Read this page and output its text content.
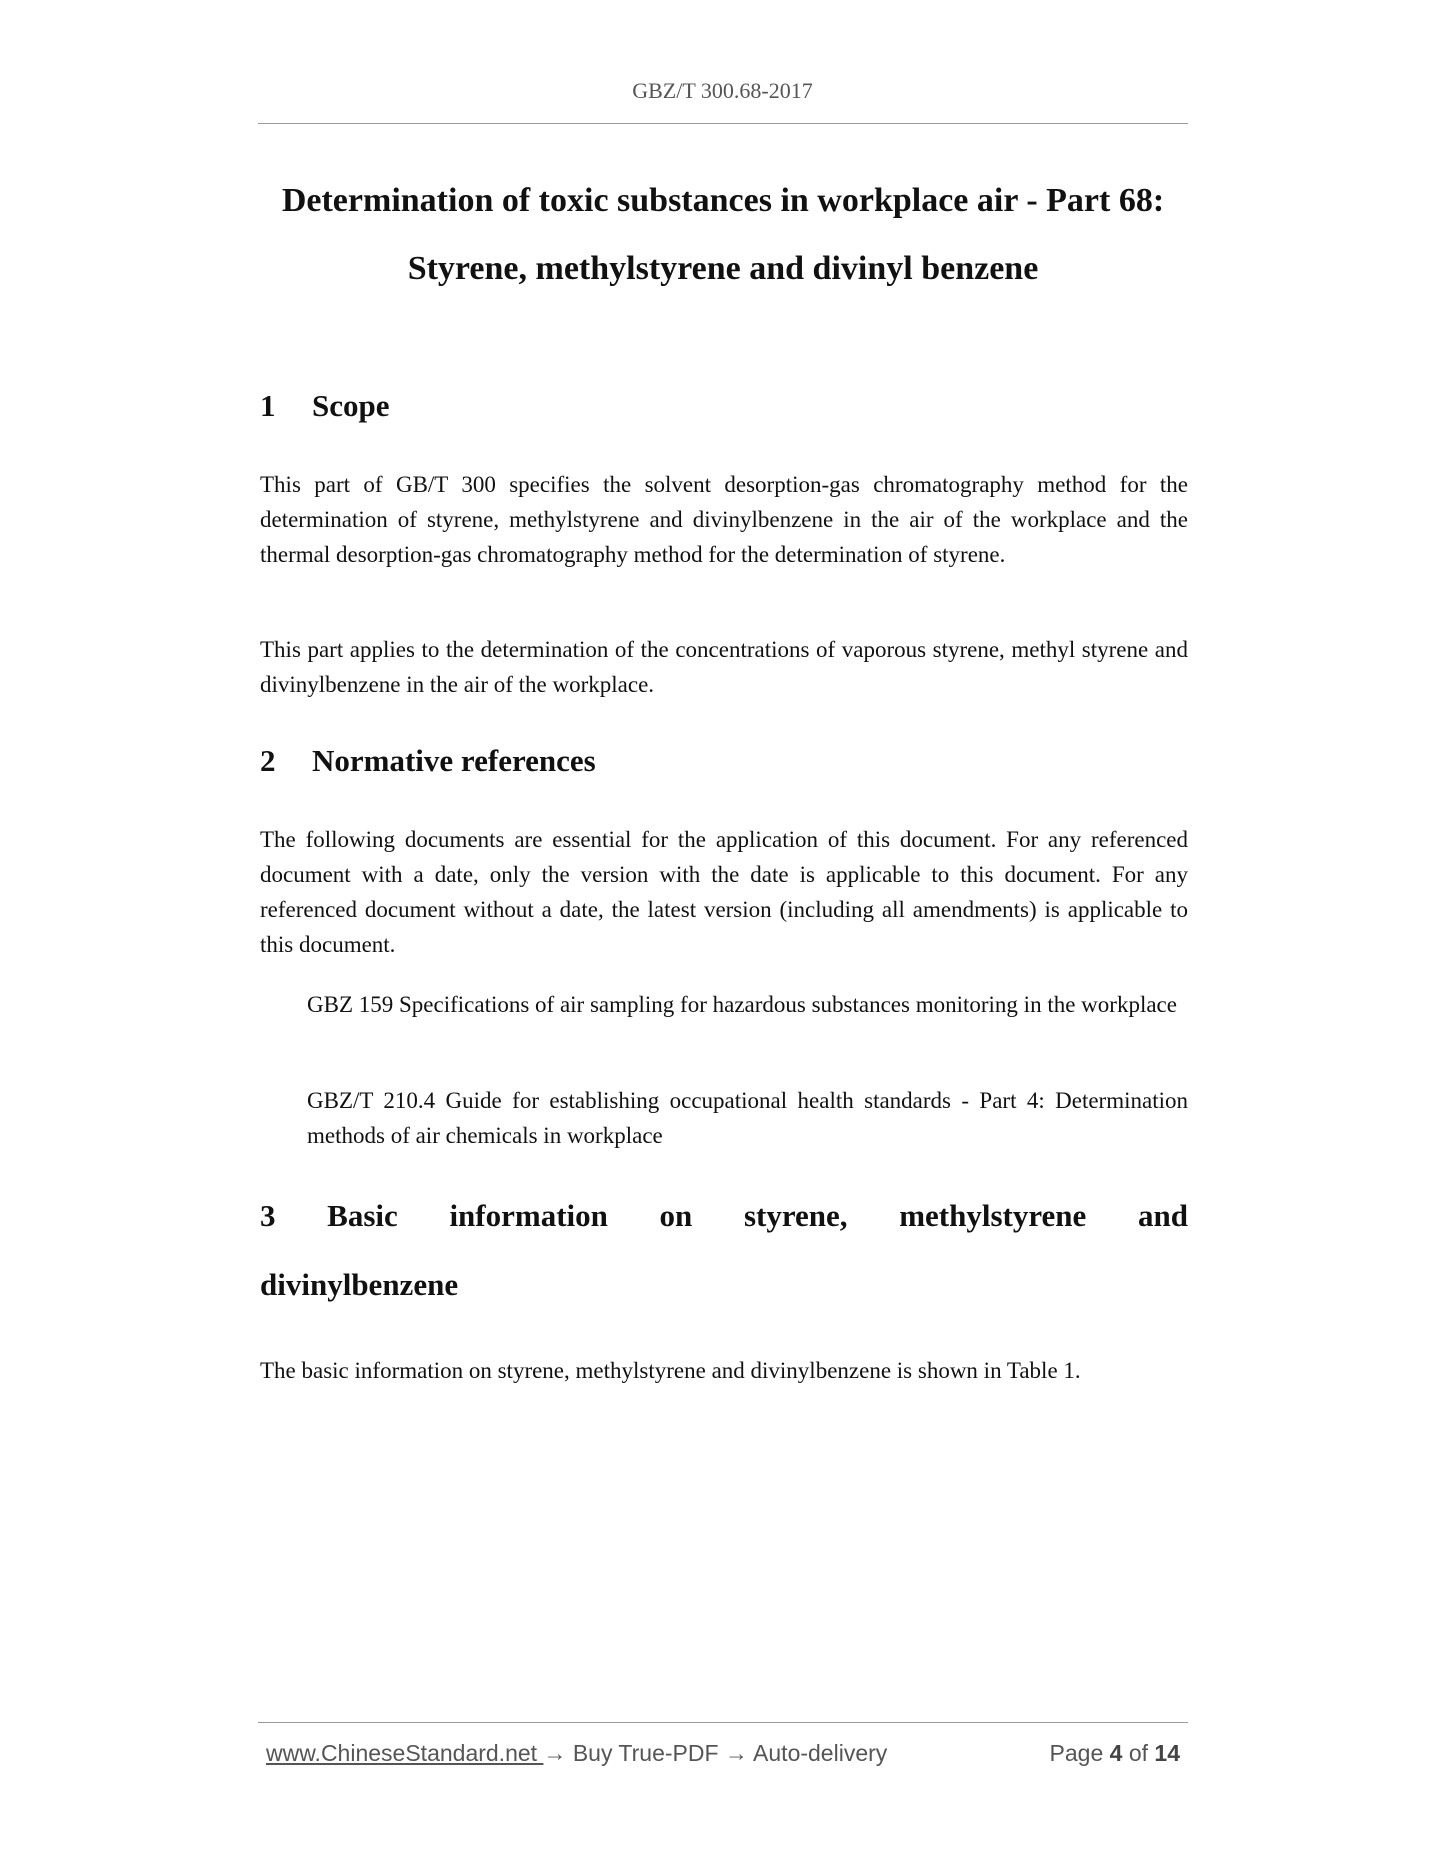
GBZ/T 300.68-2017
Determination of toxic substances in workplace air - Part 68:
Styrene, methylstyrene and divinyl benzene
1 Scope

This part of GB/T 300 specifies the solvent desorption-gas chromatography method for the determination of styrene, methylstyrene and divinylbenzene in the air of the workplace and the thermal desorption-gas chromatography method for the determination of styrene.

This part applies to the determination of the concentrations of vaporous styrene, methyl styrene and divinylbenzene in the air of the workplace.

2 Normative references

The following documents are essential for the application of this document. For any referenced document with a date, only the version with the date is applicable to this document. For any referenced document without a date, the latest version (including all amendments) is applicable to this document.

GBZ 159 Specifications of air sampling for hazardous substances monitoring in the workplace

GBZ/T 210.4 Guide for establishing occupational health standards - Part 4: Determination methods of air chemicals in workplace

3 Basic information on styrene, methylstyrene and
divinylbenzene

The basic information on styrene, methylstyrene and divinylbenzene is shown in Table 1.

www.ChineseStandard.net → Buy True-PDF → Auto-delivery	Page 4 of 14
